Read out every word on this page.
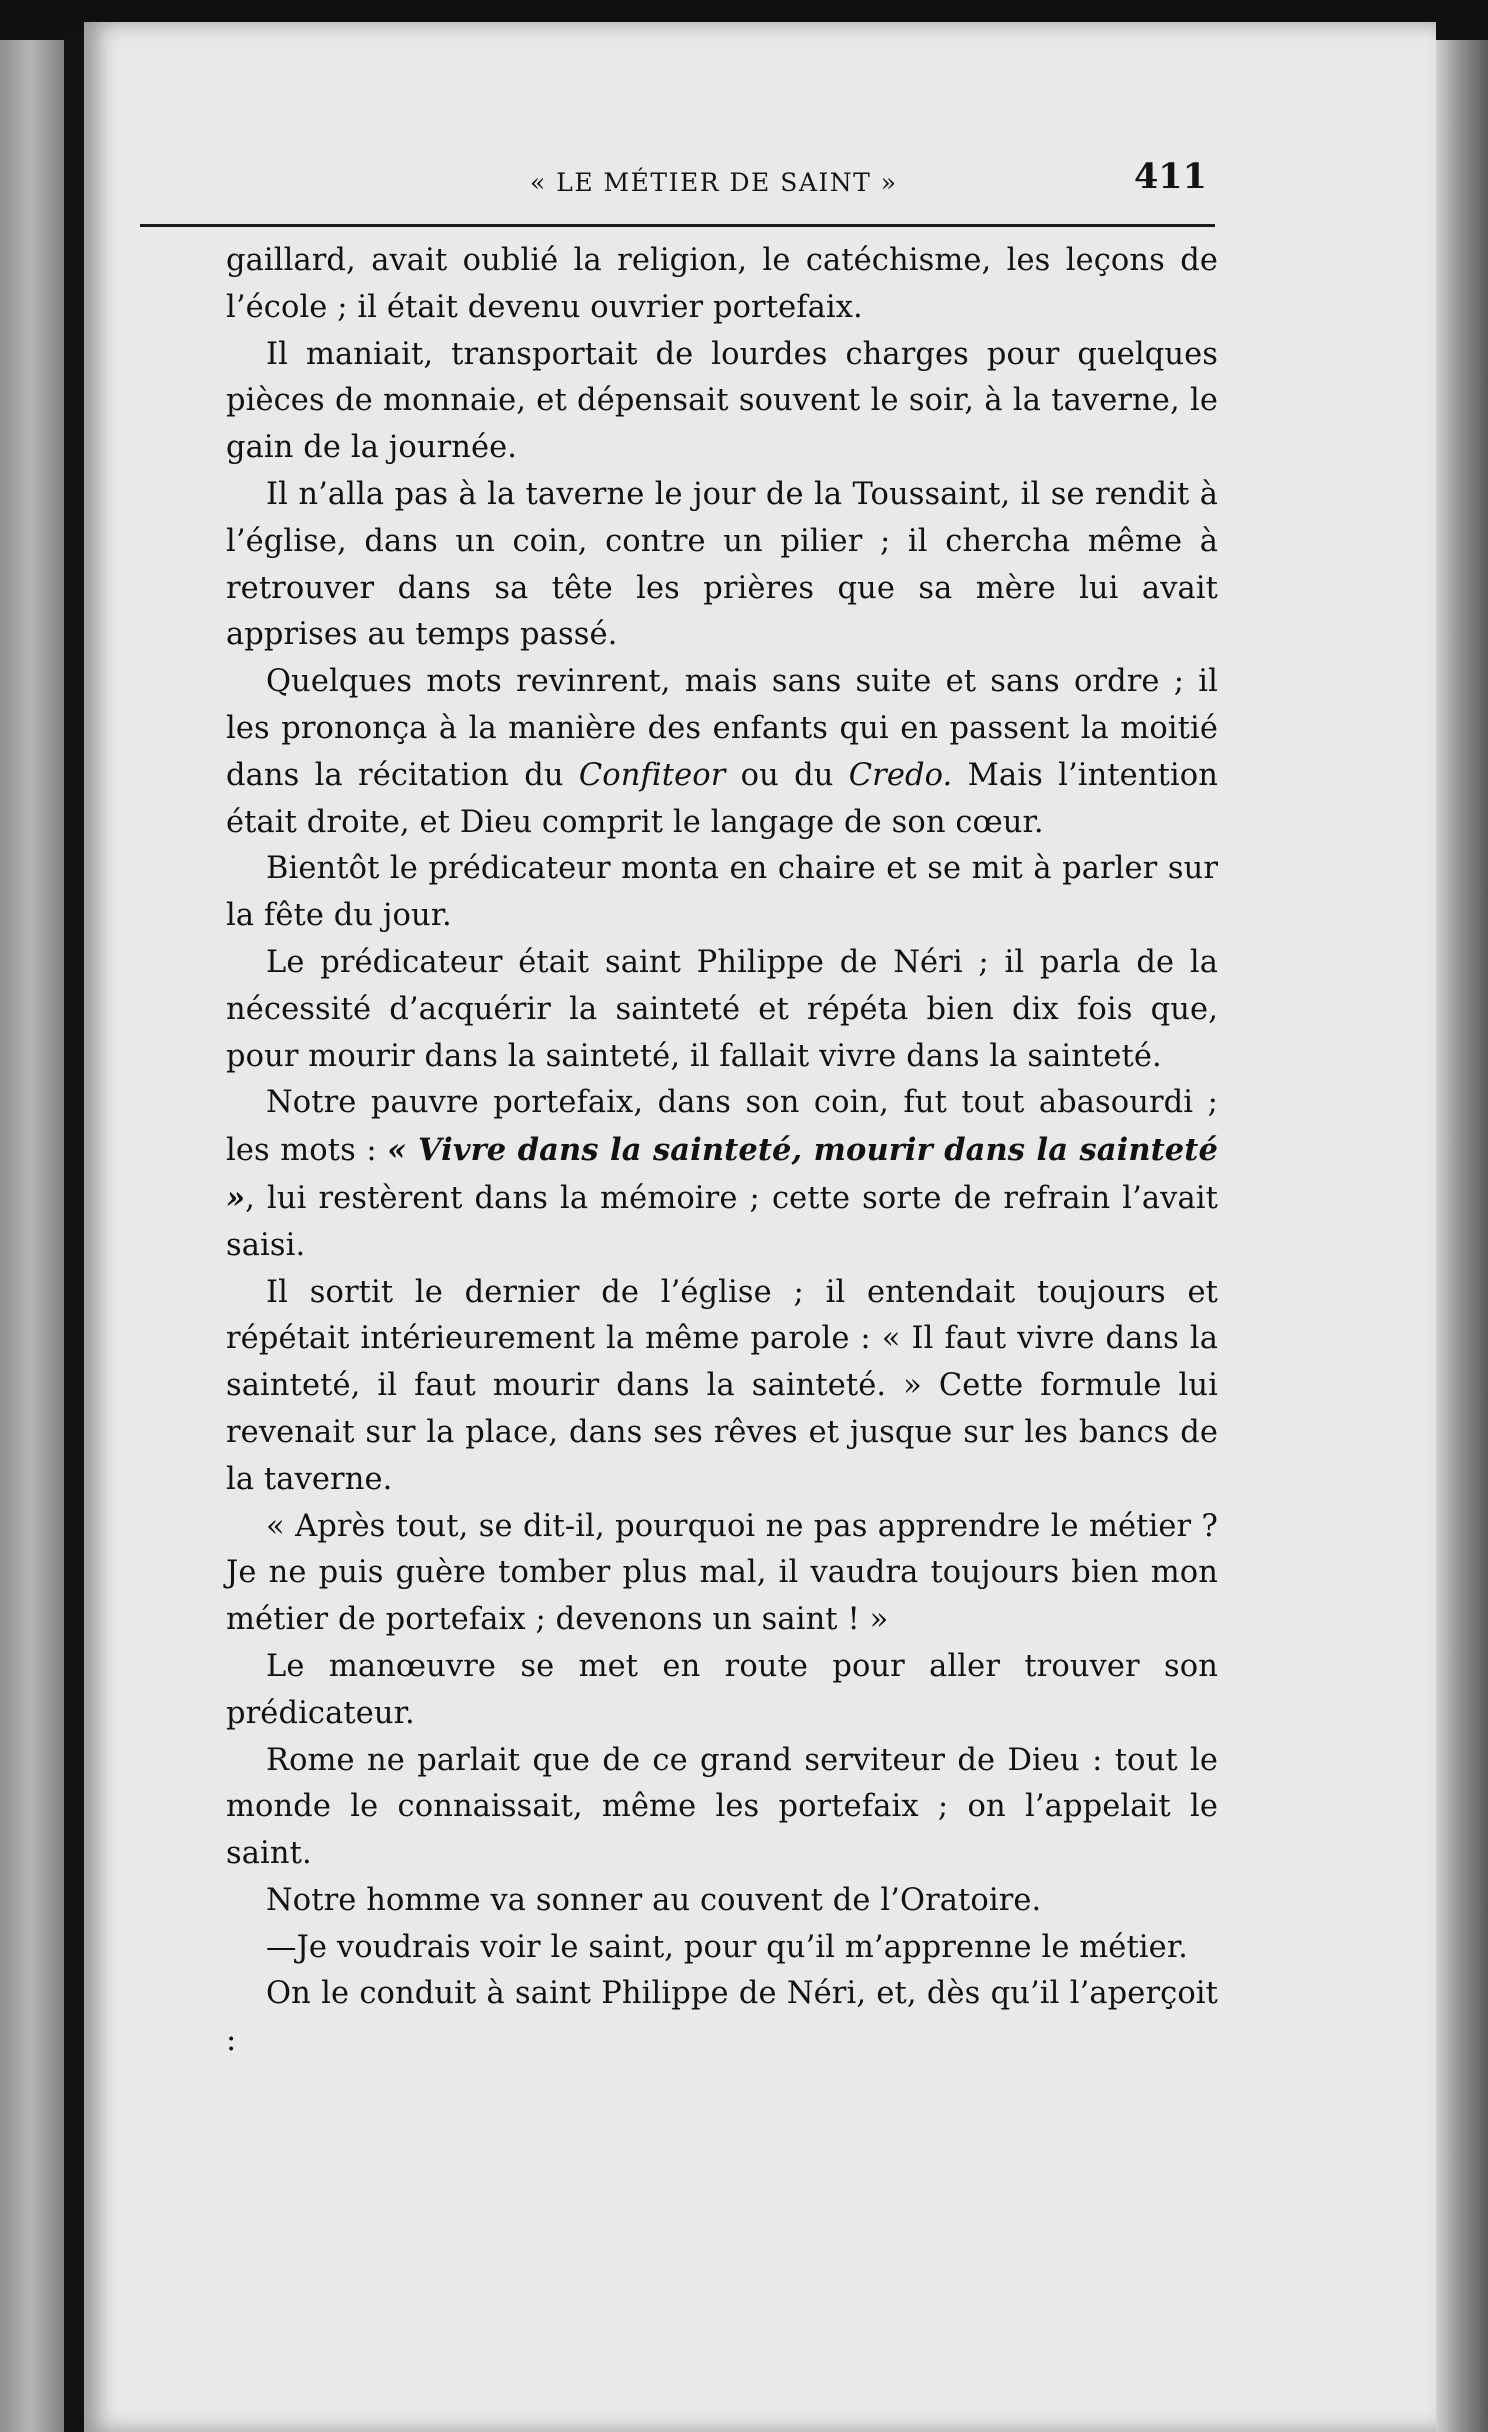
« LE MÉTIER DE SAINT »	411

gaillard, avait oublié la religion, le catéchisme, les leçons de l’école ; il était devenu ouvrier portefaix.

Il maniait, transportait de lourdes charges pour quelques pièces de monnaie, et dépensait souvent le soir, à la taverne, le gain de la journée.

Il n’alla pas à la taverne le jour de la Toussaint, il se rendit à l’église, dans un coin, contre un pilier ; il chercha même à retrouver dans sa tête les prières que sa mère lui avait apprises au temps passé.

Quelques mots revinrent, mais sans suite et sans ordre ; il les prononça à la manière des enfants qui en passent la moitié dans la récitation du Confiteor ou du Credo. Mais l’intention était droite, et Dieu comprit le langage de son cœur.

Bientôt le prédicateur monta en chaire et se mit à parler sur la fête du jour.

Le prédicateur était saint Philippe de Néri ; il parla de la nécessité d’acquérir la sainteté et répéta bien dix fois que, pour mourir dans la sainteté, il fallait vivre dans la sainteté.

Notre pauvre portefaix, dans son coin, fut tout abasourdi ; les mots : « Vivre dans la sainteté, mourir dans la sainteté », lui restèrent dans la mémoire ; cette sorte de refrain l’avait saisi.

Il sortit le dernier de l’église ; il entendait toujours et répétait intérieurement la même parole : « Il faut vivre dans la sainteté, il faut mourir dans la sainteté. » Cette formule lui revenait sur la place, dans ses rêves et jusque sur les bancs de la taverne.

« Après tout, se dit-il, pourquoi ne pas apprendre le métier ? Je ne puis guère tomber plus mal, il vaudra toujours bien mon métier de portefaix ; devenons un saint ! »

Le manœuvre se met en route pour aller trouver son prédicateur.

Rome ne parlait que de ce grand serviteur de Dieu : tout le monde le connaissait, même les portefaix ; on l’appelait le saint.

Notre homme va sonner au couvent de l’Oratoire.

—Je voudrais voir le saint, pour qu’il m’apprenne le métier.

On le conduit à saint Philippe de Néri, et, dès qu’il l’aperçoit :
